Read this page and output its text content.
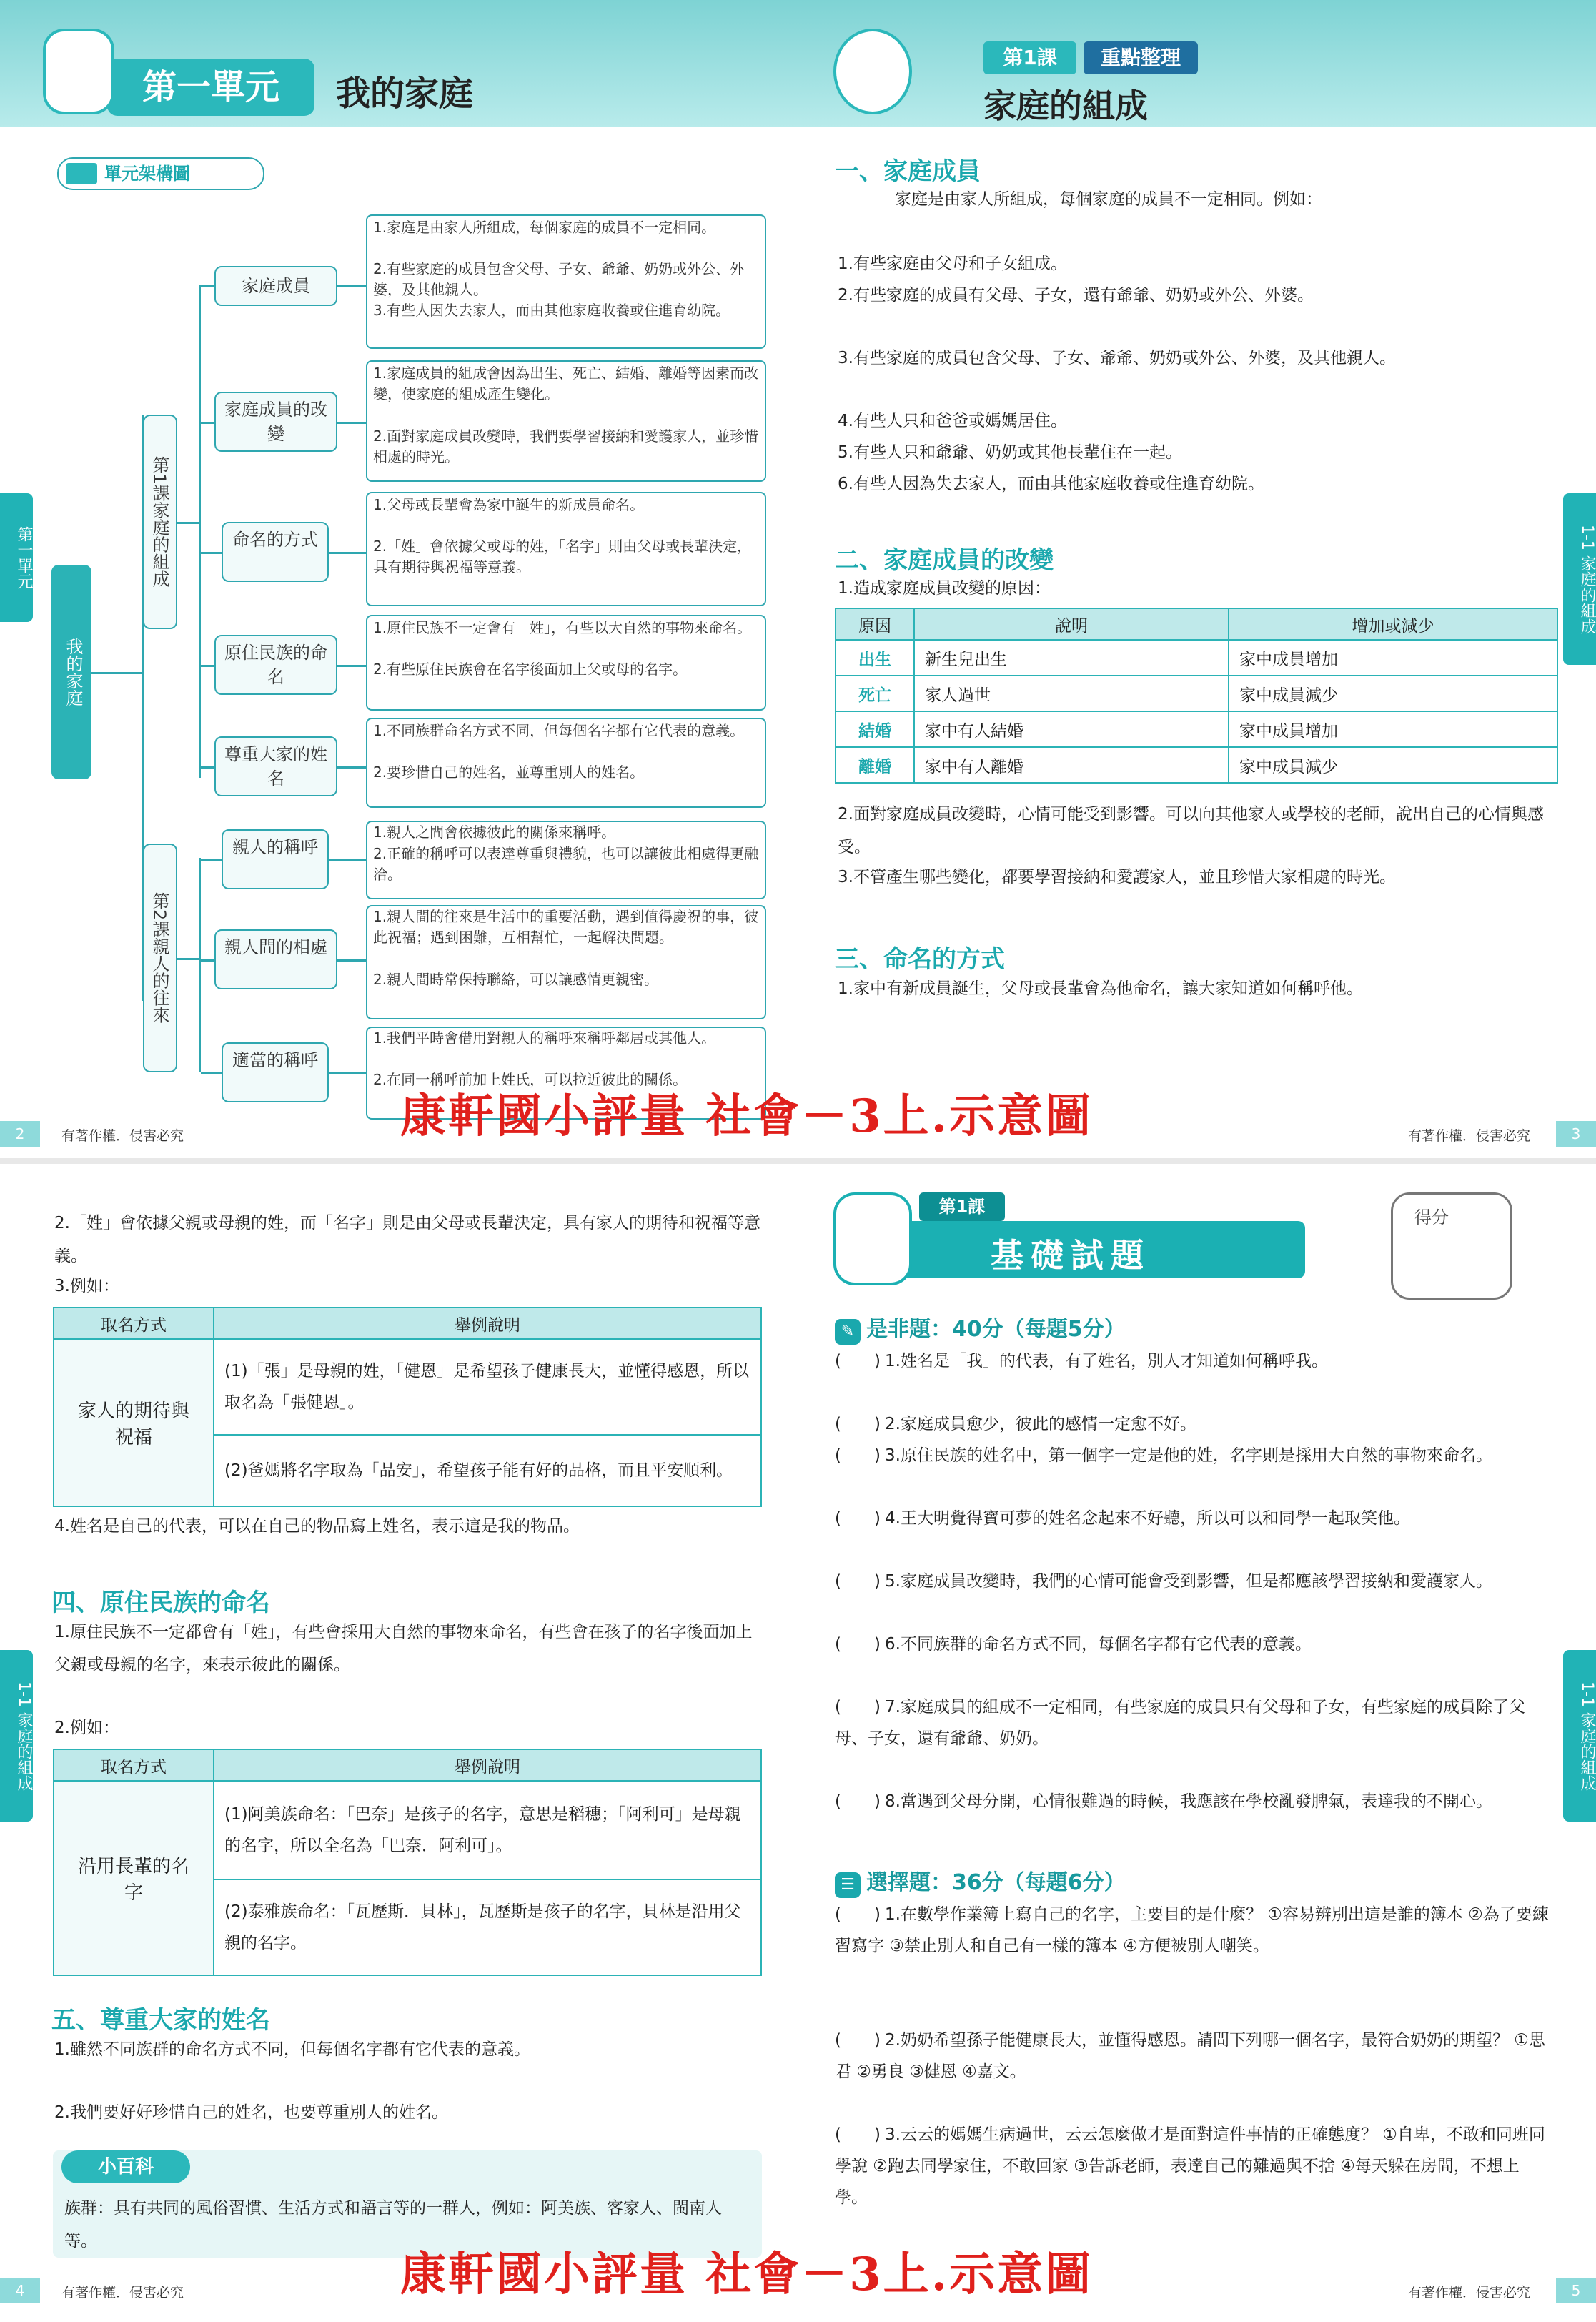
第一單元	我的家庭
單元架構圖
第一單元
我的家庭
第1課家庭的組成
第2課親人的往來
家庭成員
家庭成員的改變
命名的方式
原住民族的命名
尊重大家的姓名
親人的稱呼
親人間的相處
適當的稱呼
1.家庭是由家人所組成，每個家庭的成員不一定相同。
2.有些家庭的成員包含父母、子女、爺爺、奶奶或外公、外婆，及其他親人。
3.有些人因失去家人，而由其他家庭收養或住進育幼院。
1.家庭成員的組成會因為出生、死亡、結婚、離婚等因素而改變，使家庭的組成產生變化。
2.面對家庭成員改變時，我們要學習接納和愛護家人，並珍惜相處的時光。
1.父母或長輩會為家中誕生的新成員命名。
2.「姓」會依據父或母的姓，「名字」則由父母或長輩決定，具有期待與祝福等意義。
1.原住民族不一定會有「姓」，有些以大自然的事物來命名。
2.有些原住民族會在名字後面加上父或母的名字。
1.不同族群命名方式不同，但每個名字都有它代表的意義。
2.要珍惜自己的姓名，並尊重別人的姓名。
1.親人之間會依據彼此的關係來稱呼。
2.正確的稱呼可以表達尊重與禮貌，也可以讓彼此相處得更融洽。
1.親人間的往來是生活中的重要活動，遇到值得慶祝的事，彼此祝福；遇到困難，互相幫忙，一起解決問題。
2.親人間時常保持聯絡，可以讓感情更親密。
1.我們平時會借用對親人的稱呼來稱呼鄰居或其他人。
2.在同一稱呼前加上姓氏，可以拉近彼此的關係。
2	有著作權．侵害必究
第1課	重點整理
家庭的組成
1-1 家庭的組成
一、家庭成員
家庭是由家人所組成，每個家庭的成員不一定相同。例如：
1.有些家庭由父母和子女組成。
2.有些家庭的成員有父母、子女，還有爺爺、奶奶或外公、外婆。
3.有些家庭的成員包含父母、子女、爺爺、奶奶或外公、外婆，及其他親人。
4.有些人只和爸爸或媽媽居住。
5.有些人只和爺爺、奶奶或其他長輩住在一起。
6.有些人因為失去家人，而由其他家庭收養或住進育幼院。
二、家庭成員的改變
1.造成家庭成員改變的原因：
原因	說明	增加或減少
出生	新生兒出生	家中成員增加
死亡	家人過世	家中成員減少
結婚	家中有人結婚	家中成員增加
離婚	家中有人離婚	家中成員減少
2.面對家庭成員改變時，心情可能受到影響。可以向其他家人或學校的老師，說出自己的心情與感受。
3.不管產生哪些變化，都要學習接納和愛護家人，並且珍惜大家相處的時光。
三、命名的方式
1.家中有新成員誕生，父母或長輩會為他命名，讓大家知道如何稱呼他。
有著作權．侵害必究	3
1-1 家庭的組成
2.「姓」會依據父親或母親的姓，而「名字」則是由父母或長輩決定，具有家人的期待和祝福等意義。
3.例如：
取名方式	舉例說明
家人的期待與祝福	(1)「張」是母親的姓，「健恩」是希望孩子健康長大，並懂得感恩，所以取名為「張健恩」。
	(2)爸媽將名字取為「品安」，希望孩子能有好的品格，而且平安順利。
4.姓名是自己的代表，可以在自己的物品寫上姓名，表示這是我的物品。
四、原住民族的命名
1.原住民族不一定都會有「姓」，有些會採用大自然的事物來命名，有些會在孩子的名字後面加上父親或母親的名字，來表示彼此的關係。
2.例如：
取名方式	舉例說明
沿用長輩的名字	(1)阿美族命名：「巴奈」是孩子的名字，意思是稻穗；「阿利可」是母親的名字，所以全名為「巴奈．阿利可」。
	(2)泰雅族命名：「瓦歷斯．貝林」，瓦歷斯是孩子的名字，貝林是沿用父親的名字。
五、尊重大家的姓名
1.雖然不同族群的命名方式不同，但每個名字都有它代表的意義。
2.我們要好好珍惜自己的姓名，也要尊重別人的姓名。
小百科
族群：具有共同的風俗習慣、生活方式和語言等的一群人，例如：阿美族、客家人、閩南人等。
4	有著作權．侵害必究
第1課
基礎試題
得分
1-1 家庭的組成
✎ 是非題：40分（每題5分）
(　　) 1.姓名是「我」的代表，有了姓名，別人才知道如何稱呼我。
(　　) 2.家庭成員愈少，彼此的感情一定愈不好。
(　　) 3.原住民族的姓名中，第一個字一定是他的姓，名字則是採用大自然的事物來命名。
(　　) 4.王大明覺得寶可夢的姓名念起來不好聽，所以可以和同學一起取笑他。
(　　) 5.家庭成員改變時，我們的心情可能會受到影響，但是都應該學習接納和愛護家人。
(　　) 6.不同族群的命名方式不同，每個名字都有它代表的意義。
(　　) 7.家庭成員的組成不一定相同，有些家庭的成員只有父母和子女，有些家庭的成員除了父母、子女，還有爺爺、奶奶。
(　　) 8.當遇到父母分開，心情很難過的時候，我應該在學校亂發脾氣，表達我的不開心。
☰ 選擇題：36分（每題6分）
(　　) 1.在數學作業簿上寫自己的名字，主要目的是什麼？ ①容易辨別出這是誰的簿本 ②為了要練習寫字 ③禁止別人和自己有一樣的簿本 ④方便被別人嘲笑。
(　　) 2.奶奶希望孫子能健康長大，並懂得感恩。請問下列哪一個名字，最符合奶奶的期望？ ①思君 ②勇良 ③健恩 ④嘉文。
(　　) 3.云云的媽媽生病過世，云云怎麼做才是面對這件事情的正確態度？ ①自卑，不敢和同班同學說 ②跑去同學家住，不敢回家 ③告訴老師，表達自己的難過與不捨 ④每天躲在房間，不想上學。
有著作權．侵害必究	5
康軒國小評量 社會－3上.示意圖
康軒國小評量 社會－3上.示意圖
